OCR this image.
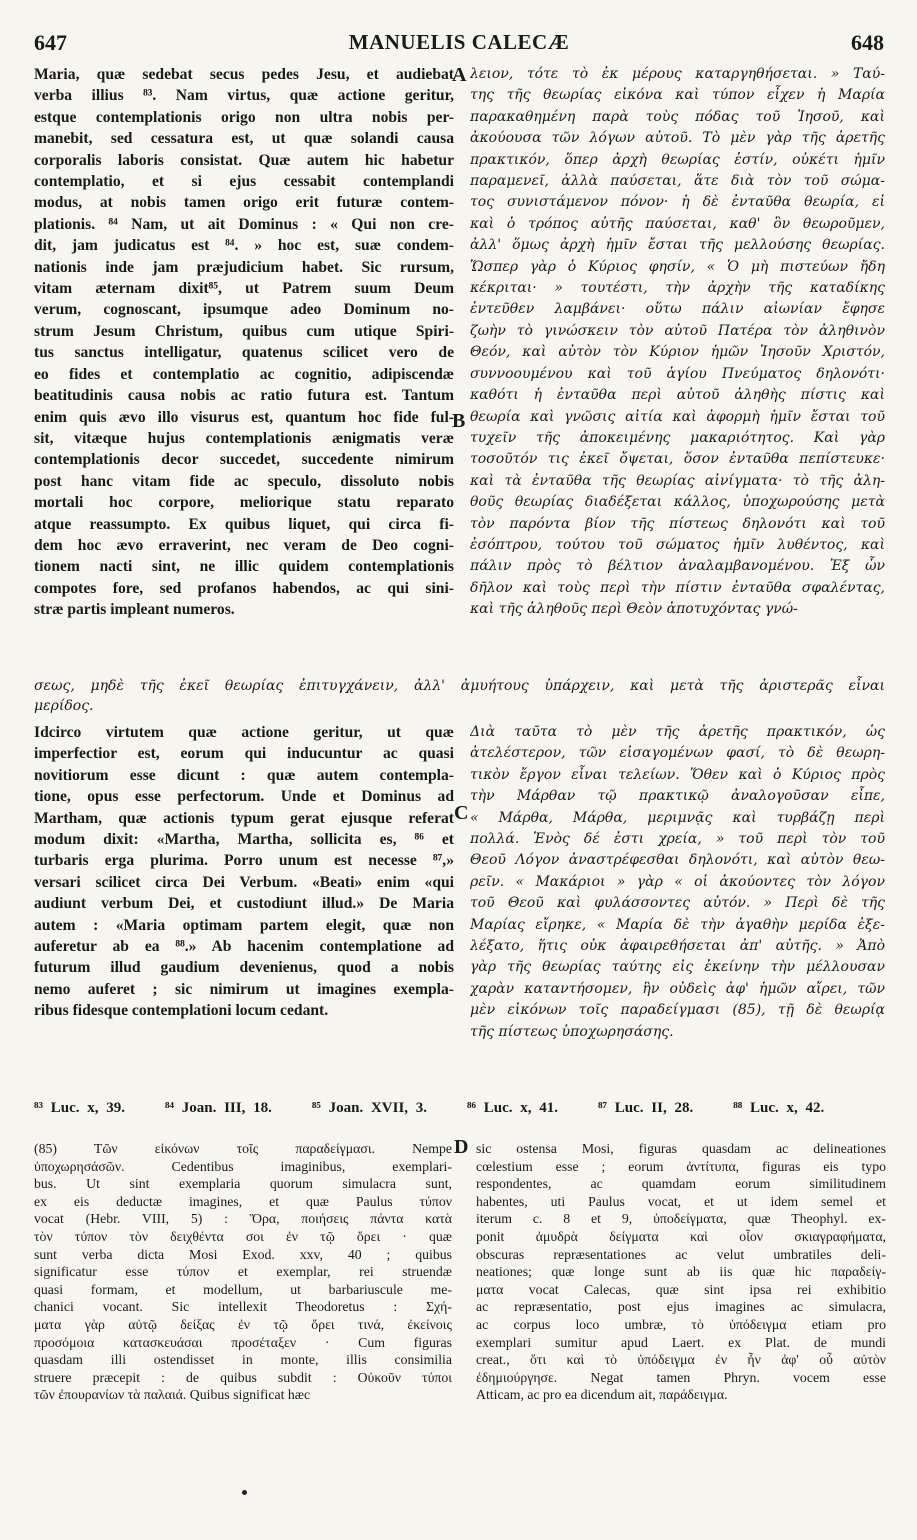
647	MANUELIS CALECÆ	648
Maria, quæ sedebat secus pedes Jesu, et audiebat
verba illius ⁸³. Nam virtus, quæ actione geritur,
estque contemplationis origo non ultra nobis per-
manebit, sed cessatura est, ut quæ solandi causa
corporalis laboris consistat. Quæ autem hic habetur
contemplatio, et si ejus cessabit contemplandi
modus, at nobis tamen origo erit futuræ contem-
plationis. ⁸⁴ Nam, ut ait Dominus : « Qui non cre-
dit, jam judicatus est ⁸⁴. » hoc est, suæ condem-
nationis inde jam præjudicium habet. Sic rursum,
vitam æternam dixit⁸⁵, ut Patrem suum Deum
verum, cognoscant, ipsumque adeo Dominum no-
strum Jesum Christum, quibus cum utique Spiri-
tus sanctus intelligatur, quatenus scilicet vero de
eo fides et contemplatio ac cognitio, adipiscendæ
beatitudinis causa nobis ac ratio futura est. Tantum
enim quis ævo illo visurus est, quantum hoc fide ful-
sit, vitæque hujus contemplationis ænigmatis veræ
contemplationis decor succedet, succedente nimirum
post hanc vitam fide ac speculo, dissoluto nobis
mortali hoc corpore, meliorique statu reparato
atque reassumpto. Ex quibus liquet, qui circa fi-
dem hoc ævo erraverint, nec veram de Deo cogni-
tionem nacti sint, ne illic quidem contemplationis
compotes fore, sed profanos habendos, ac qui sini-
stræ partis impleant numeros.
λειον, τότε τὸ ἐκ μέρους καταργηθήσεται. » Ταύ-
της τῆς θεωρίας εἰκόνα καὶ τύπον εἶχεν ἡ Μαρία
παρακαθημένη παρὰ τοὺς πόδας τοῦ Ἰησοῦ, καὶ
ἀκούουσα τῶν λόγων αὐτοῦ. Τὸ μὲν γὰρ τῆς ἀρετῆς
πρακτικόν, ὅπερ ἀρχὴ θεωρίας ἐστίν, οὐκέτι ἡμῖν
παραμενεῖ, ἀλλὰ παύσεται, ἅτε διὰ τὸν τοῦ σώμα-
τος συνιστάμενον πόνον· ἡ δὲ ἐνταῦθα θεωρία, εἰ
καὶ ὁ τρόπος αὐτῆς παύσεται, καθ' ὃν θεωροῦμεν,
ἀλλ' ὅμως ἀρχὴ ἡμῖν ἔσται τῆς μελλούσης θεωρίας.
Ὥσπερ γὰρ ὁ Κύριος φησίν, « Ὁ μὴ πιστεύων ἤδη
κέκριται· » τουτέστι, τὴν ἀρχὴν τῆς καταδίκης
ἐντεῦθεν λαμβάνει· οὕτω πάλιν αἰωνίαν ἔφησε
ζωὴν τὸ γινώσκειν τὸν αὐτοῦ Πατέρα τὸν ἀληθινὸν
Θεόν, καὶ αὐτὸν τὸν Κύριον ἡμῶν Ἰησοῦν Χριστόν,
συννοουμένου καὶ τοῦ ἁγίου Πνεύματος δηλονότι·
καθότι ἡ ἐνταῦθα περὶ αὐτοῦ ἀληθὴς πίστις καὶ
θεωρία καὶ γνῶσις αἰτία καὶ ἀφορμὴ ἡμῖν ἔσται τοῦ
τυχεῖν τῆς ἀποκειμένης μακαριότητος. Καὶ γὰρ
τοσοῦτόν τις ἐκεῖ ὄψεται, ὅσον ἐνταῦθα πεπίστευκε·
καὶ τὰ ἐνταῦθα τῆς θεωρίας αἰνίγματα· τὸ τῆς ἀλη-
θοῦς θεωρίας διαδέξεται κάλλος, ὑποχωρούσης μετὰ
τὸν παρόντα βίον τῆς πίστεως δηλονότι καὶ τοῦ
ἐσόπτρου, τούτου τοῦ σώματος ἡμῖν λυθέντος, καὶ
πάλιν πρὸς τὸ βέλτιον ἀναλαμβανομένου. Ἐξ ὧν
δῆλον καὶ τοὺς περὶ τὴν πίστιν ἐνταῦθα σφαλέντας,
καὶ τῆς ἀληθοῦς περὶ Θεὸν ἀποτυχόντας γνώ-
A
B
C
D
σεως, μηδὲ τῆς ἐκεῖ θεωρίας ἐπιτυγχάνειν, ἀλλ' ἀμυήτους ὑπάρχειν, καὶ μετὰ τῆς ἀριστερᾶς εἶναι
μερίδος.
Idcirco virtutem quæ actione geritur, ut quæ
imperfectior est, eorum qui inducuntur ac quasi
novitiorum esse dicunt : quæ autem contempla-
tione, opus esse perfectorum. Unde et Dominus ad
Martham, quæ actionis typum gerat ejusque referat
modum dixit: «Martha, Martha, sollicita es, ⁸⁶ et
turbaris erga plurima. Porro unum est necesse ⁸⁷,»
versari scilicet circa Dei Verbum. «Beati» enim «qui
audiunt verbum Dei, et custodiunt illud.» De Maria
autem : «Maria optimam partem elegit, quæ non
auferetur ab ea ⁸⁸.» Ab hacenim contemplatione ad
futurum illud gaudium devenienus, quod a nobis
nemo auferet ; sic nimirum ut imagines exempla-
ribus fidesque contemplationi locum cedant.
Διὰ ταῦτα τὸ μὲν τῆς ἀρετῆς πρακτικόν, ὡς
ἀτελέστερον, τῶν εἰσαγομένων φασί, τὸ δὲ θεωρη-
τικὸν ἔργον εἶναι τελείων. Ὅθεν καὶ ὁ Κύριος πρὸς
τὴν Μάρθαν τῷ πρακτικῷ ἀναλογοῦσαν εἶπε,
« Μάρθα, Μάρθα, μεριμνᾷς καὶ τυρβάζῃ περὶ
πολλά. Ἑνὸς δέ ἐστι χρεία, » τοῦ περὶ τὸν τοῦ
Θεοῦ Λόγον ἀναστρέφεσθαι δηλονότι, καὶ αὐτὸν θεω-
ρεῖν. « Μακάριοι » γὰρ « οἱ ἀκούοντες τὸν λόγον
τοῦ Θεοῦ καὶ φυλάσσοντες αὐτόν. » Περὶ δὲ τῆς
Μαρίας εἴρηκε, « Μαρία δὲ τὴν ἀγαθὴν μερίδα ἐξε-
λέξατο, ἥτις οὐκ ἀφαιρεθήσεται ἀπ' αὐτῆς. » Ἀπὸ
γὰρ τῆς θεωρίας ταύτης εἰς ἐκείνην τὴν μέλλουσαν
χαρὰν καταντήσομεν, ἣν οὐδεὶς ἀφ' ἡμῶν αἴρει, τῶν
μὲν εἰκόνων τοῖς παραδείγμασι (85), τῇ δὲ θεωρίᾳ
τῆς πίστεως ὑποχωρησάσης.
⁸³ Luc. x, 39.	⁸⁴ Joan. III, 18.	⁸⁵ Joan. XVII, 3.	⁸⁶ Luc. x, 41.	⁸⁷ Luc. II, 28.	⁸⁸ Luc. x, 42.
(85) Τῶν εἰκόνων τοῖς παραδείγμασι. Nempe
ὑποχωρησάσῶν. Cedentibus imaginibus, exemplari-
bus. Ut sint exemplaria quorum simulacra sunt,
ex eis deductæ imagines, et quæ Paulus τύπον
vocat (Hebr. VIII, 5) : Ὅρα, ποιήσεις πάντα κατὰ
τὸν τύπον τὸν δειχθέντα σοι ἐν τῷ ὄρει · quæ
sunt verba dicta Mosi Exod. xxv, 40 ; quibus
significatur esse τύπον et exemplar, rei struendæ
quasi formam, et modellum, ut barbariuscule me-
chanici vocant. Sic intellexit Theodoretus : Σχή-
ματα γὰρ αὐτῷ δείξας ἐν τῷ ὄρει τινά, ἐκείνοις
προσόμοια κατασκευάσαι προσέταξεν · Cum figuras
quasdam illi ostendisset in monte, illis consimilia
struere præcepit : de quibus subdit : Οὐκοῦν τύποι
τῶν ἐπουρανίων τὰ παλαιά. Quibus significat hæc
sic ostensa Mosi, figuras quasdam ac delineationes
cœlestium esse ; eorum ἀντίτυπα, figuras eis typo
respondentes, ac quamdam eorum similitudinem
habentes, uti Paulus vocat, et ut idem semel et
iterum c. 8 et 9, ὑποδείγματα, quæ Theophyl. ex-
ponit ἀμυδρὰ δείγματα καὶ οἷον σκιαγραφήματα,
obscuras repræsentationes ac velut umbratiles deli-
neationes; quæ longe sunt ab iis quæ hic παραδείγ-
ματα vocat Calecas, quæ sint ipsa rei exhibitio
ac repræsentatio, post ejus imagines ac simulacra,
ac corpus loco umbræ, τὸ ὑπόδειγμα etiam pro
exemplari sumitur apud Laert. ex Plat. de mundi
creat., ὅτι καὶ τὸ ὑπόδειγμα ἐν ἧν ἀφ' οὗ αὐτὸν
ἐδημιούργησε. Negat tamen Phryn. vocem esse
Atticam, ac pro ea dicendum ait, παράδειγμα.
